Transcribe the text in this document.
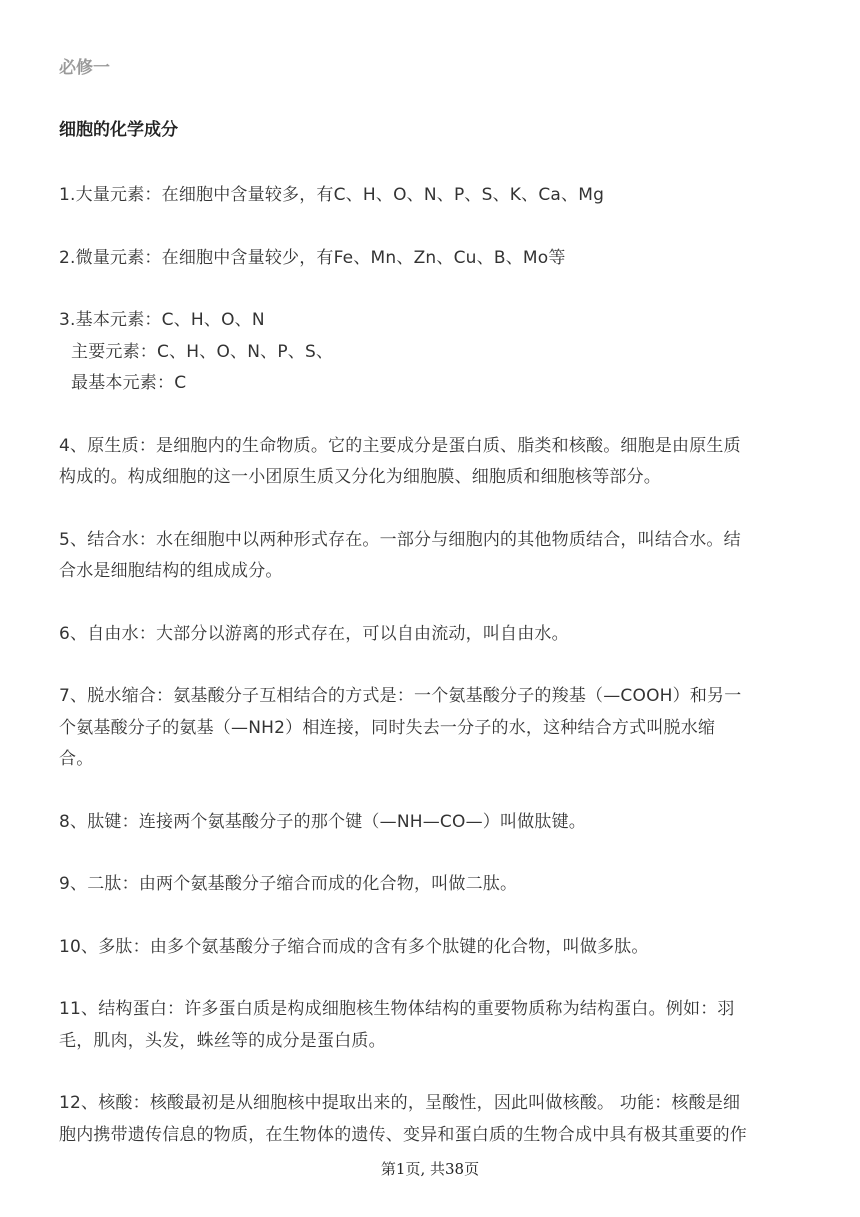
必修一
细胞的化学成分
1.大量元素：在细胞中含量较多，有C、H、O、N、P、S、K、Ca、Mg
2.微量元素：在细胞中含量较少，有Fe、Mn、Zn、Cu、B、Mo等
3.基本元素：C、H、O、N
主要元素：C、H、O、N、P、S、
最基本元素：C
4、原生质：是细胞内的生命物质。它的主要成分是蛋白质、脂类和核酸。细胞是由原生质
构成的。构成细胞的这一小团原生质又分化为细胞膜、细胞质和细胞核等部分。
5、结合水：水在细胞中以两种形式存在。一部分与细胞内的其他物质结合，叫结合水。结
合水是细胞结构的组成成分。
6、自由水：大部分以游离的形式存在，可以自由流动，叫自由水。
7、脱水缩合：氨基酸分子互相结合的方式是：一个氨基酸分子的羧基（—COOH）和另一
个氨基酸分子的氨基（—NH2）相连接，同时失去一分子的水，这种结合方式叫脱水缩
合。
8、肽键：连接两个氨基酸分子的那个键（—NH—CO—）叫做肽键。
9、二肽：由两个氨基酸分子缩合而成的化合物，叫做二肽。
10、多肽：由多个氨基酸分子缩合而成的含有多个肽键的化合物，叫做多肽。
11、结构蛋白：许多蛋白质是构成细胞核生物体结构的重要物质称为结构蛋白。例如：羽
毛，肌肉，头发，蛛丝等的成分是蛋白质。
12、核酸：核酸最初是从细胞核中提取出来的，呈酸性，因此叫做核酸。 功能：核酸是细
胞内携带遗传信息的物质，在生物体的遗传、变异和蛋白质的生物合成中具有极其重要的作
第1页, 共38页
